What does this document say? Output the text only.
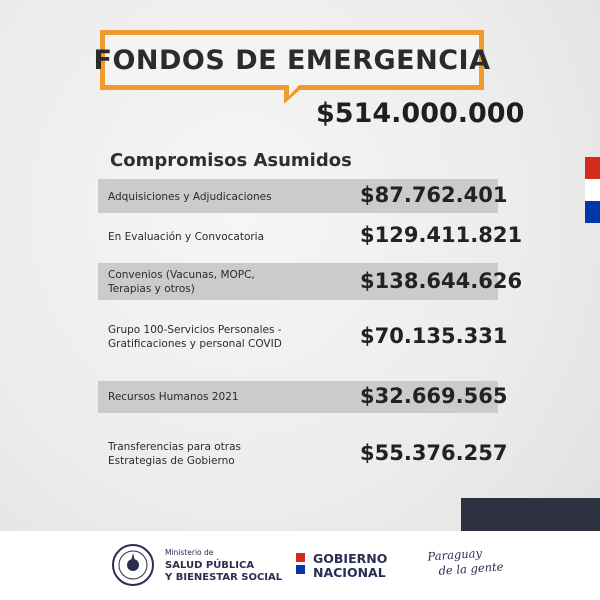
FONDOS DE EMERGENCIA
$514.000.000
Compromisos Asumidos
Adquisiciones y Adjudicaciones	$87.762.401
En Evaluación y Convocatoria	$129.411.821
Convenios (Vacunas, MOPC, Terapias y otros)	$138.644.626
Grupo 100-Servicios Personales - Gratificaciones y personal COVID	$70.135.331
Recursos Humanos 2021	$32.669.565
Transferencias para otras Estrategias de Gobierno	$55.376.257
Ministerio de
SALUD PÚBLICA
Y BIENESTAR SOCIAL
GOBIERNO
NACIONAL
Paraguay
de la gente
